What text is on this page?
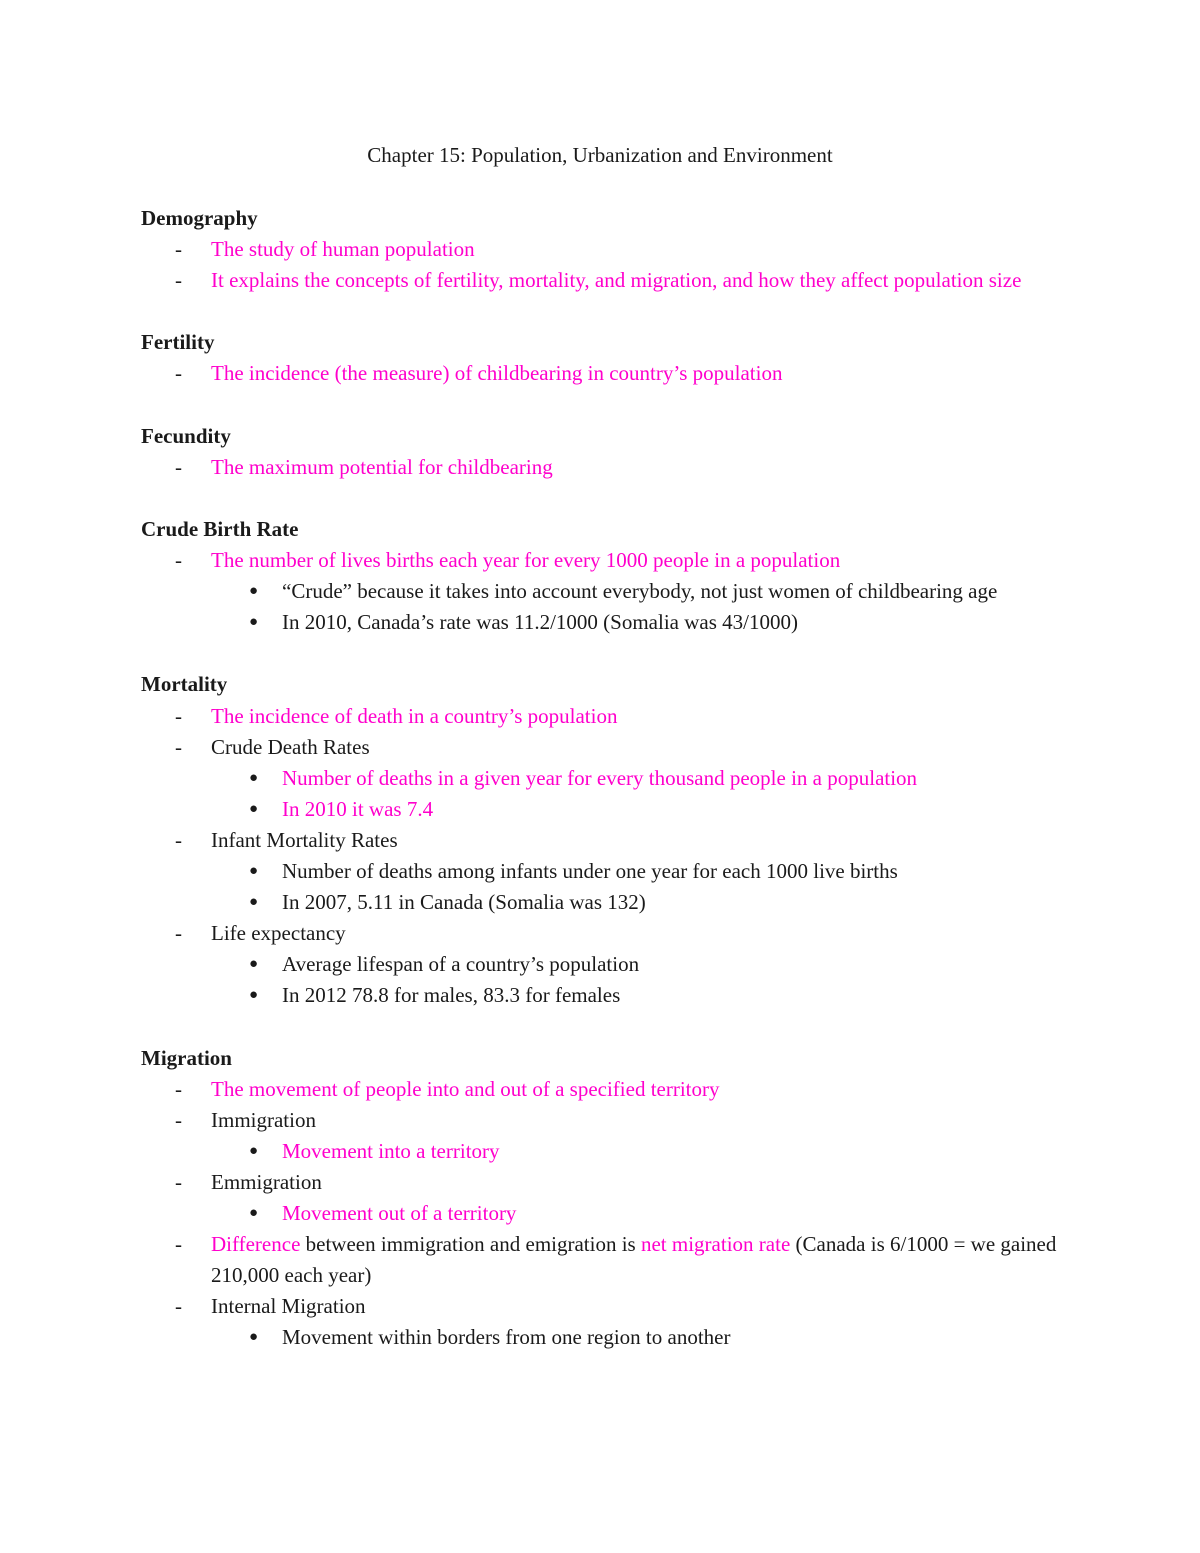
Chapter 15: Population, Urbanization and Environment

Demography

- The study of human population
- It explains the concepts of fertility, mortality, and migration, and how they affect population size

Fertility

- The incidence (the measure) of childbearing in country’s population

Fecundity

- The maximum potential for childbearing

Crude Birth Rate

- The number of lives births each year for every 1000 people in a population
● “Crude” because it takes into account everybody, not just women of childbearing age
● In 2010, Canada’s rate was 11.2/1000 (Somalia was 43/1000)

Mortality

- The incidence of death in a country’s population
- Crude Death Rates
● Number of deaths in a given year for every thousand people in a population
● In 2010 it was 7.4
- Infant Mortality Rates
● Number of deaths among infants under one year for each 1000 live births
● In 2007, 5.11 in Canada (Somalia was 132)
- Life expectancy
● Average lifespan of a country’s population
● In 2012 78.8 for males, 83.3 for females

Migration

- The movement of people into and out of a specified territory
- Immigration
● Movement into a territory
- Emmigration
● Movement out of a territory
- Difference between immigration and emigration is net migration rate (Canada is 6/1000 = we gained 210,000 each year)
- Internal Migration
● Movement within borders from one region to another
